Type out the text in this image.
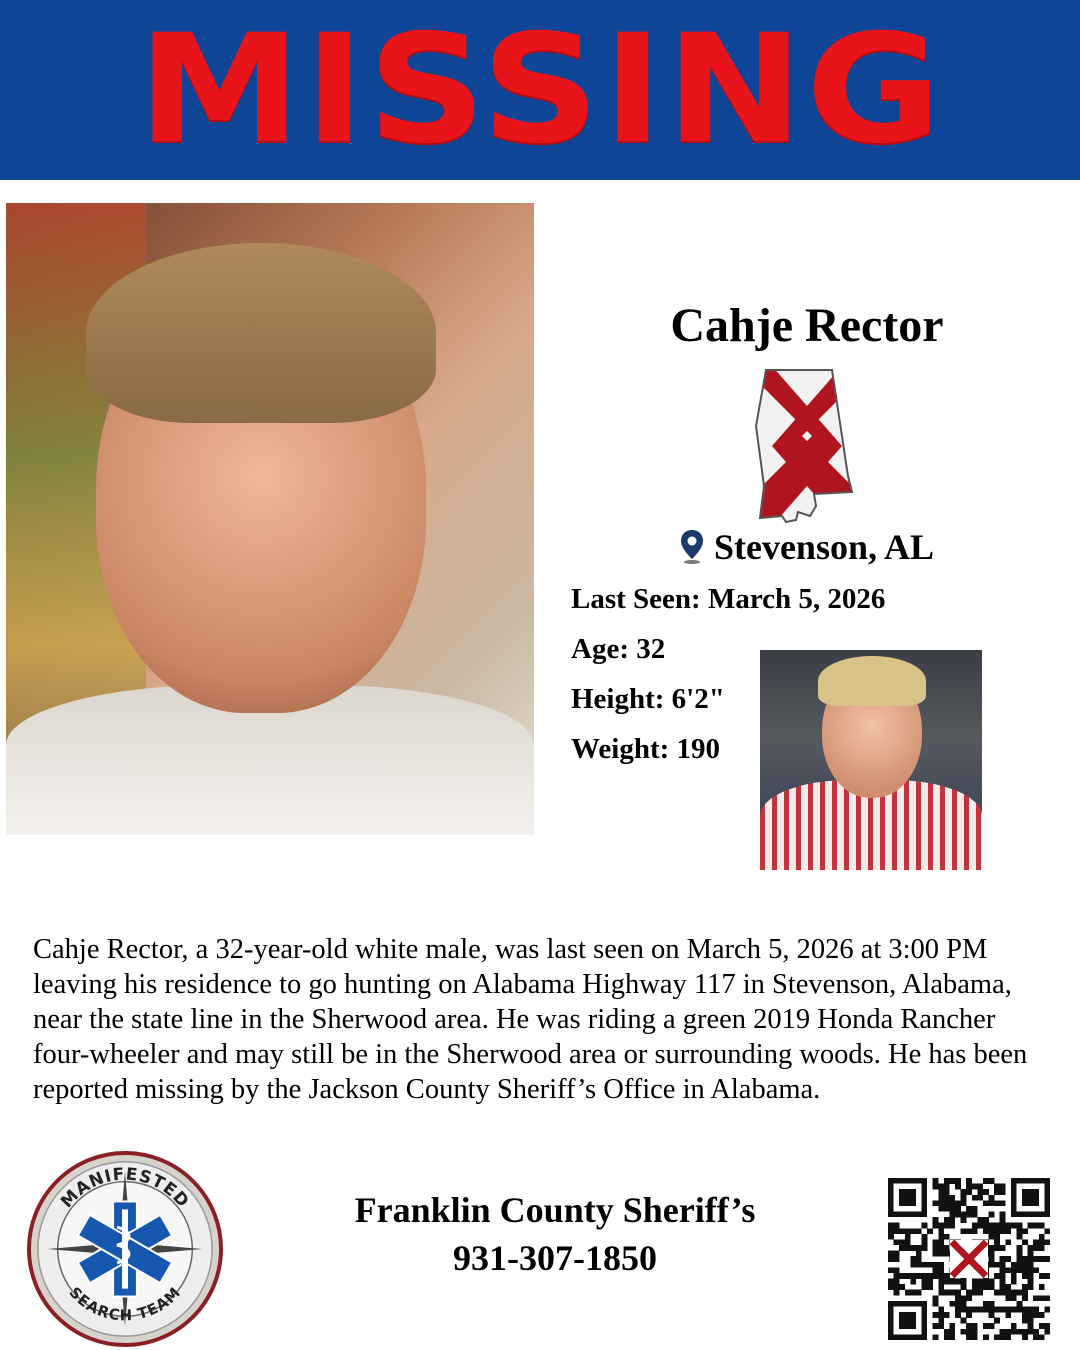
MISSING
Cahje Rector
Stevenson, AL
Last Seen: March 5, 2026
Age: 32
Height: 6'2"
Weight: 190
Cahje Rector, a 32-year-old white male, was last seen on March 5, 2026 at 3:00 PM leaving his residence to go hunting on Alabama Highway 117 in Stevenson, Alabama, near the state line in the Sherwood area. He was riding a green 2019 Honda Rancher four-wheeler and may still be in the Sherwood area or surrounding woods. He has been reported missing by the Jackson County Sheriff’s Office in Alabama.
MANIFESTED
SEARCH TEAM
Franklin County Sheriff’s
931-307-1850
